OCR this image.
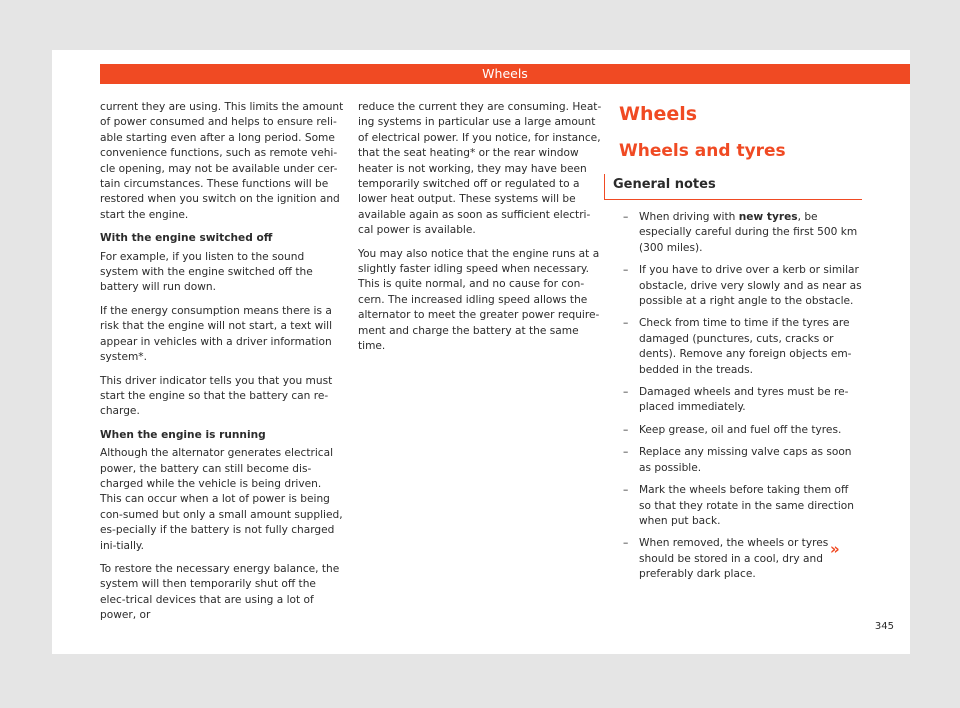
Wheels

current they are using. This limits the amount of power consumed and helps to ensure reli-able starting even after a long period. Some convenience functions, such as remote vehi-cle opening, may not be available under cer-tain circumstances. These functions will be restored when you switch on the ignition and start the engine.

With the engine switched off

For example, if you listen to the sound system with the engine switched off the battery will run down.

If the energy consumption means there is a risk that the engine will not start, a text will appear in vehicles with a driver information system*.

This driver indicator tells you that you must start the engine so that the battery can re-charge.

When the engine is running

Although the alternator generates electrical power, the battery can still become dis-charged while the vehicle is being driven. This can occur when a lot of power is being con-sumed but only a small amount supplied, es-pecially if the battery is not fully charged ini-tially.

To restore the necessary energy balance, the system will then temporarily shut off the elec-trical devices that are using a lot of power, or

reduce the current they are consuming. Heat-ing systems in particular use a large amount of electrical power. If you notice, for instance, that the seat heating* or the rear window heater is not working, they may have been temporarily switched off or regulated to a lower heat output. These systems will be available again as soon as sufficient electri-cal power is available.

You may also notice that the engine runs at a slightly faster idling speed when necessary. This is quite normal, and no cause for con-cern. The increased idling speed allows the alternator to meet the greater power require-ment and charge the battery at the same time.

Wheels
Wheels and tyres
General notes
– When driving with new tyres, be especially careful during the first 500 km (300 miles).
– If you have to drive over a kerb or similar obstacle, drive very slowly and as near as possible at a right angle to the obstacle.
– Check from time to time if the tyres are damaged (punctures, cuts, cracks or dents). Remove any foreign objects em-bedded in the treads.
– Damaged wheels and tyres must be re-placed immediately.
– Keep grease, oil and fuel off the tyres.
– Replace any missing valve caps as soon as possible.
– Mark the wheels before taking them off so that they rotate in the same direction when put back.
– When removed, the wheels or tyres should be stored in a cool, dry and preferably dark place.
»
345
